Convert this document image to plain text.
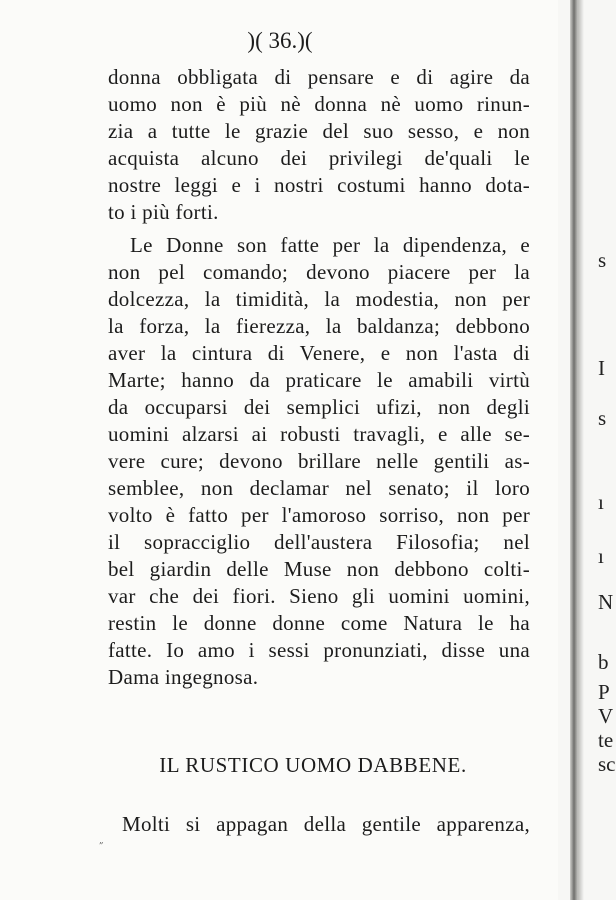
)( 36.)(
donna obbligata di pensare e di agire da
uomo non è più nè donna nè uomo rinun-
zia a tutte le grazie del suo sesso, e non
acquista alcuno dei privilegi de'quali le
nostre leggi e i nostri costumi hanno dota-
to i più forti.
Le Donne son fatte per la dipendenza, e
non pel comando; devono piacere per la
dolcezza, la timidità, la modestia, non per
la forza, la fierezza, la baldanza; debbono
aver la cintura di Venere, e non l'asta di
Marte; hanno da praticare le amabili virtù
da occuparsi dei semplici ufizi, non degli
uomini alzarsi ai robusti travagli, e alle se-
vere cure; devono brillare nelle gentili as-
semblee, non declamar nel senato; il loro
volto è fatto per l'amoroso sorriso, non per
il sopracciglio dell'austera Filosofia; nel
bel giardin delle Muse non debbono colti-
var che dei fiori. Sieno gli uomini uomini,
restin le donne donne come Natura le ha
fatte. Io amo i sessi pronunziati, disse una
Dama ingegnosa.
IL RUSTICO UOMO DABBENE.
„
Molti si appagan della gentile apparenza,
s
I
s
ı
ı
N
b
P
V
te
sc
